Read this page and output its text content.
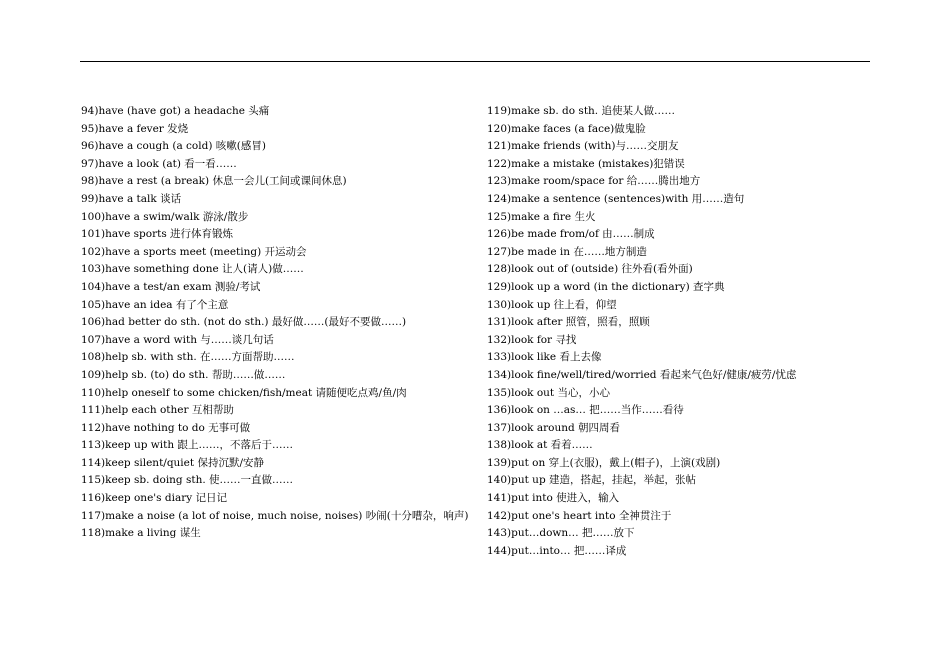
94)have (have got) a headache 头痛
95)have a fever 发烧
96)have a cough (a cold) 咳嗽(感冒)
97)have a look (at) 看一看……
98)have a rest (a break) 休息一会儿(工间或课间休息)
99)have a talk 谈话
100)have a swim/walk 游泳/散步
101)have sports 进行体育锻炼
102)have a sports meet (meeting) 开运动会
103)have something done 让人(请人)做……
104)have a test/an exam 测验/考试
105)have an idea 有了个主意
106)had better do sth. (not do sth.) 最好做……(最好不要做……)
107)have a word with 与……谈几句话
108)help sb. with sth. 在……方面帮助……
109)help sb. (to) do sth. 帮助……做……
110)help oneself to some chicken/fish/meat 请随便吃点鸡/鱼/肉
111)help each other 互相帮助
112)have nothing to do 无事可做
113)keep up with 跟上……，不落后于……
114)keep silent/quiet 保持沉默/安静
115)keep sb. doing sth. 使……一直做……
116)keep one's diary 记日记
117)make a noise (a lot of noise, much noise, noises) 吵闹(十分嘈杂，响声)
118)make a living 谋生
119)make sb. do sth. 追使某人做……
120)make faces (a face)做鬼脸
121)make friends (with)与……交朋友
122)make a mistake (mistakes)犯错误
123)make room/space for 给……腾出地方
124)make a sentence (sentences)with 用……造句
125)make a fire 生火
126)be made from/of 由……制成
127)be made in 在……地方制造
128)look out of (outside) 往外看(看外面)
129)look up a word (in the dictionary) 查字典
130)look up 往上看，仰望
131)look after 照管，照看，照顾
132)look for 寻找
133)look like 看上去像
134)look fine/well/tired/worried 看起来气色好/健康/疲劳/忧虑
135)look out 当心，小心
136)look on …as… 把……当作……看待
137)look around 朝四周看
138)look at 看着……
139)put on 穿上(衣服)，戴上(帽子)，上演(戏剧)
140)put up 建造，搭起，挂起，举起，张帖
141)put into 使进入，输入
142)put one's heart into 全神贯注于
143)put…down… 把……放下
144)put…into… 把……译成
